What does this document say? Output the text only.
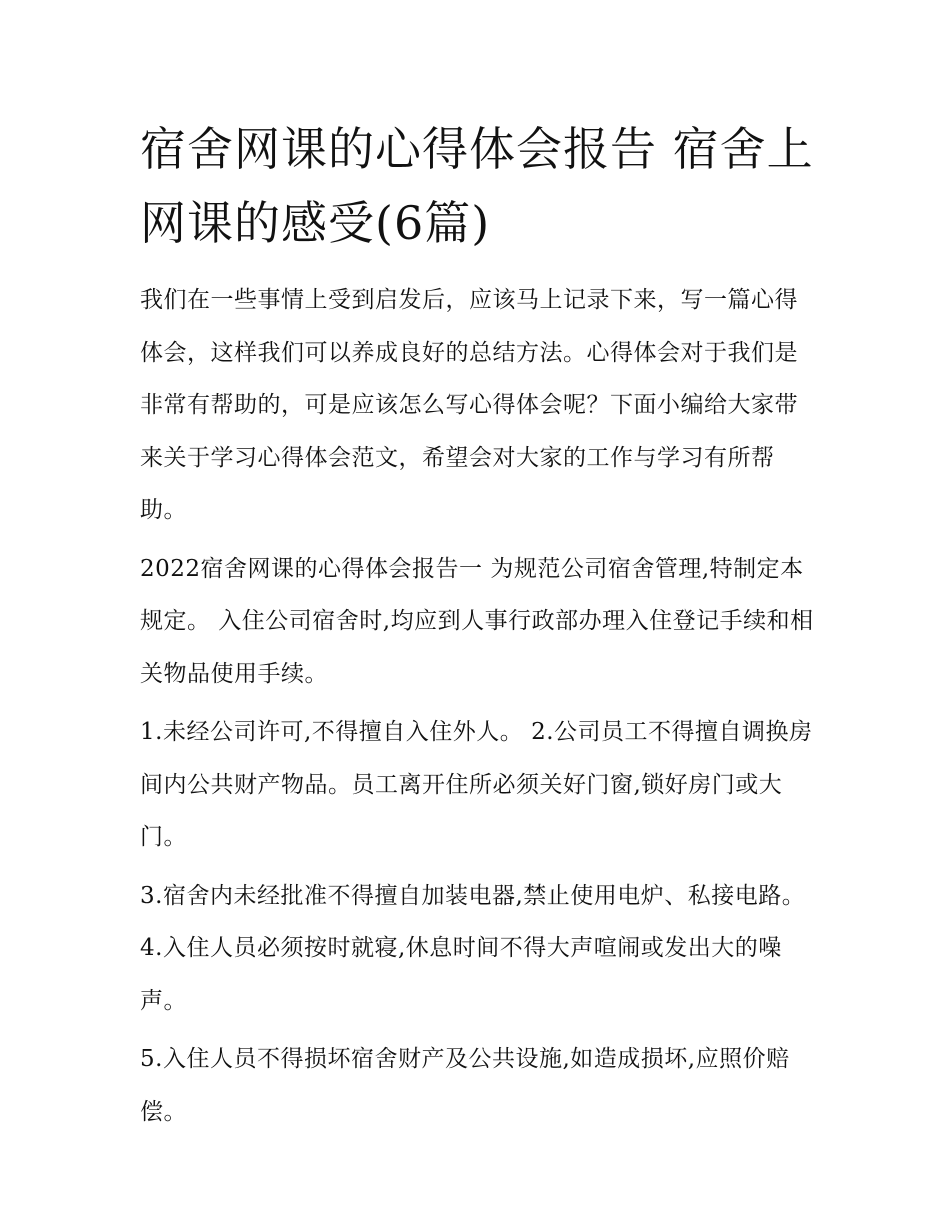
宿舍网课的心得体会报告 宿舍上网课的感受(6篇)

我们在一些事情上受到启发后，应该马上记录下来，写一篇心得体会，这样我们可以养成良好的总结方法。心得体会对于我们是非常有帮助的，可是应该怎么写心得体会呢？下面小编给大家带来关于学习心得体会范文，希望会对大家的工作与学习有所帮助。

2022宿舍网课的心得体会报告一 为规范公司宿舍管理,特制定本规定。 入住公司宿舍时,均应到人事行政部办理入住登记手续和相关物品使用手续。

1.未经公司许可,不得擅自入住外人。 2.公司员工不得擅自调换房间内公共财产物品。员工离开住所必须关好门窗,锁好房门或大门。

3.宿舍内未经批准不得擅自加装电器,禁止使用电炉、私接电路。 4.入住人员必须按时就寝,休息时间不得大声喧闹或发出大的噪声。

5.入住人员不得损坏宿舍财产及公共设施,如造成损坏,应照价赔偿。
